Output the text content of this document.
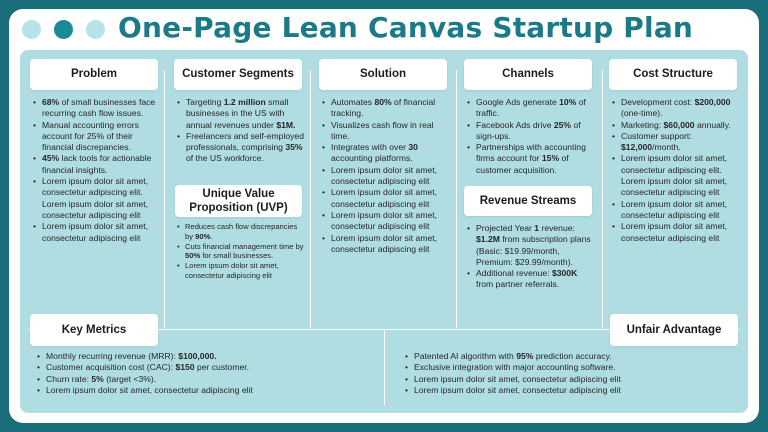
One-Page Lean Canvas Startup Plan
Problem
• 68% of small businesses face recurring cash flow issues.
• Manual accounting errors account for 25% of their financial discrepancies.
• 45% lack tools for actionable financial insights.
• Lorem ipsum dolor sit amet, consectetur adipiscing elit. Lorem ipsum dolor sit amet, consectetur adipiscing elit
• Lorem ipsum dolor sit amet, consectetur adipiscing elit
Customer Segments
• Targeting 1.2 million small businesses in the US with annual revenues under $1M.
• Freelancers and self-employed professionals, comprising 35% of the US workforce.
Unique Value Proposition (UVP)
• Reduces cash flow discrepancies by 90%.
• Cuts financial management time by 50% for small businesses.
• Lorem ipsum dolor sit amet, consectetur adipiscing elit
Solution
• Automates 80% of financial tracking.
• Visualizes cash flow in real time.
• Integrates with over 30 accounting platforms.
• Lorem ipsum dolor sit amet, consectetur adipiscing elit
• Lorem ipsum dolor sit amet, consectetur adipiscing elit
• Lorem ipsum dolor sit amet, consectetur adipiscing elit
• Lorem ipsum dolor sit amet, consectetur adipiscing elit
Channels
• Google Ads generate 10% of traffic.
• Facebook Ads drive 25% of sign-ups.
• Partnerships with accounting firms account for 15% of customer acquisition.
Revenue Streams
• Projected Year 1 revenue: $1.2M from subscription plans (Basic: $19.99/month, Premium: $29.99/month).
• Additional revenue: $300K from partner referrals.
Cost Structure
• Development cost: $200,000 (one-time).
• Marketing: $60,000 annually.
• Customer support: $12,000/month.
• Lorem ipsum dolor sit amet, consectetur adipiscing elit. Lorem ipsum dolor sit amet, consectetur adipiscing elit
• Lorem ipsum dolor sit amet, consectetur adipiscing elit
• Lorem ipsum dolor sit amet, consectetur adipiscing elit
Key Metrics
• Monthly recurring revenue (MRR): $100,000.
• Customer acquisition cost (CAC): $150 per customer.
• Churn rate: 5% (target <3%).
• Lorem ipsum dolor sit amet, consectetur adipiscing elit
Unfair Advantage
• Patented AI algorithm with 95% prediction accuracy.
• Exclusive integration with major accounting software.
• Lorem ipsum dolor sit amet, consectetur adipiscing elit
• Lorem ipsum dolor sit amet, consectetur adipiscing elit
